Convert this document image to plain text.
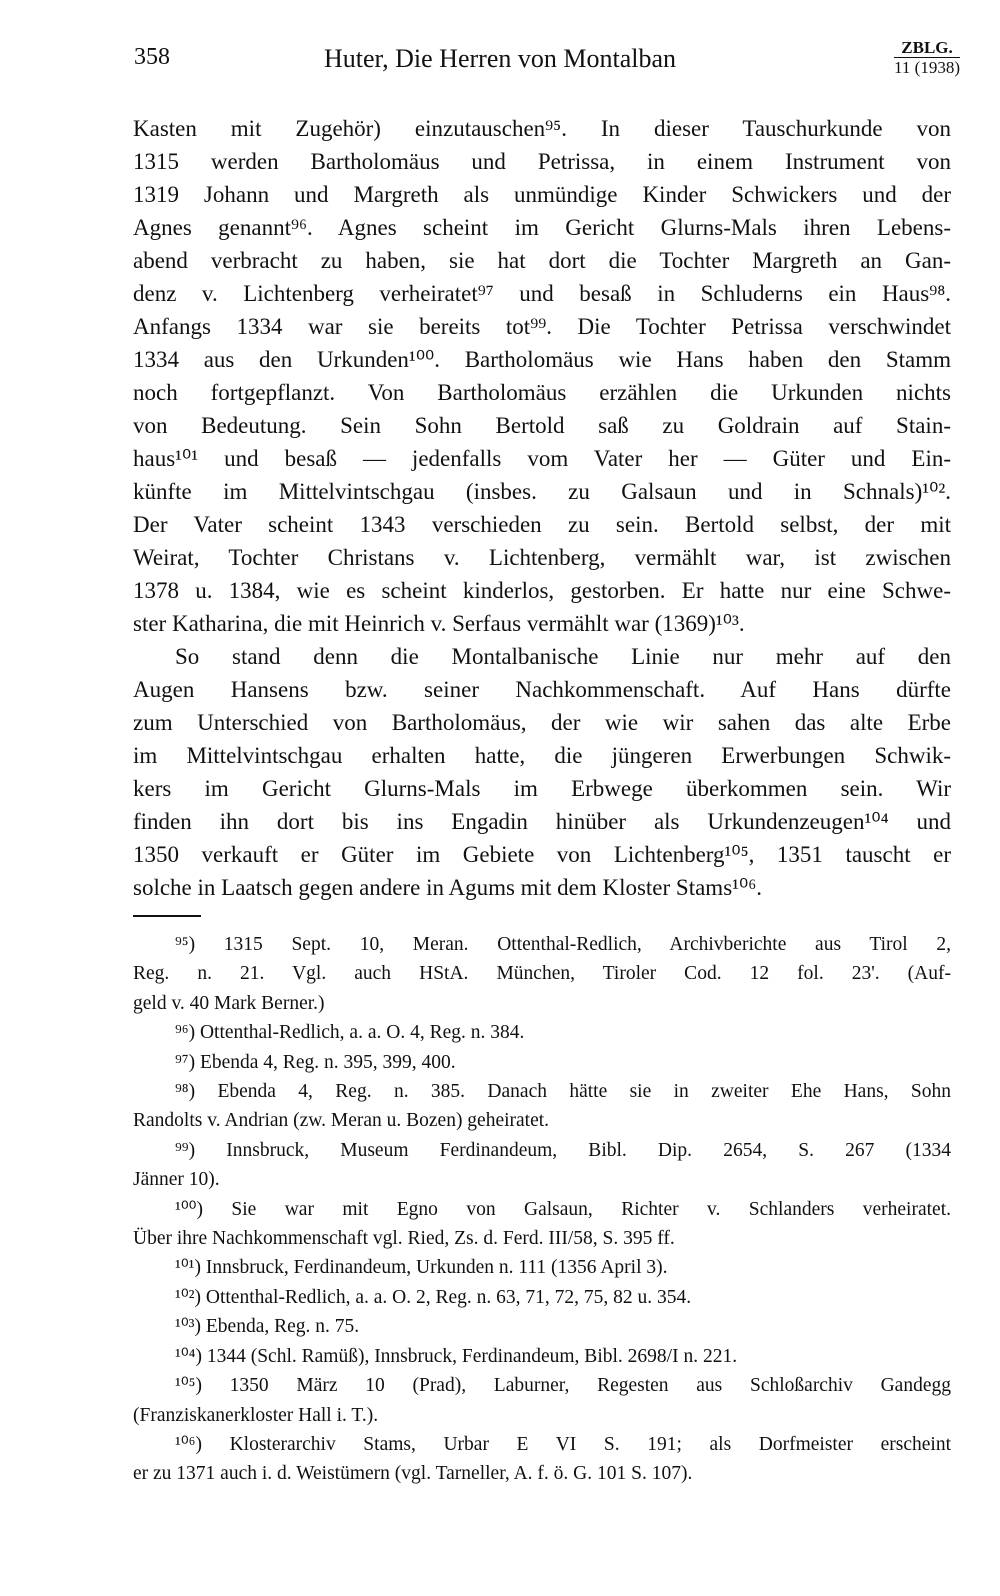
358	Huter, Die Herren von Montalban	ZBLG.
11 (1938)
Kasten mit Zugehör) einzutauschen⁹⁵. In dieser Tauschurkunde von
1315 werden Bartholomäus und Petrissa, in einem Instrument von
1319 Johann und Margreth als unmündige Kinder Schwickers und der
Agnes genannt⁹⁶. Agnes scheint im Gericht Glurns-Mals ihren Lebens-
abend verbracht zu haben, sie hat dort die Tochter Margreth an Gan-
denz v. Lichtenberg verheiratet⁹⁷ und besaß in Schluderns ein Haus⁹⁸.
Anfangs 1334 war sie bereits tot⁹⁹. Die Tochter Petrissa verschwindet
1334 aus den Urkunden¹⁰⁰. Bartholomäus wie Hans haben den Stamm
noch fortgepflanzt. Von Bartholomäus erzählen die Urkunden nichts
von Bedeutung. Sein Sohn Bertold saß zu Goldrain auf Stain-
haus¹⁰¹ und besaß — jedenfalls vom Vater her — Güter und Ein-
künfte im Mittelvintschgau (insbes. zu Galsaun und in Schnals)¹⁰².
Der Vater scheint 1343 verschieden zu sein. Bertold selbst, der mit
Weirat, Tochter Christans v. Lichtenberg, vermählt war, ist zwischen
1378 u. 1384, wie es scheint kinderlos, gestorben. Er hatte nur eine Schwe-
ster Katharina, die mit Heinrich v. Serfaus vermählt war (1369)¹⁰³.
So stand denn die Montalbanische Linie nur mehr auf den
Augen Hansens bzw. seiner Nachkommenschaft. Auf Hans dürfte
zum Unterschied von Bartholomäus, der wie wir sahen das alte Erbe
im Mittelvintschgau erhalten hatte, die jüngeren Erwerbungen Schwik-
kers im Gericht Glurns-Mals im Erbwege überkommen sein. Wir
finden ihn dort bis ins Engadin hinüber als Urkundenzeugen¹⁰⁴ und
1350 verkauft er Güter im Gebiete von Lichtenberg¹⁰⁵, 1351 tauscht er
solche in Laatsch gegen andere in Agums mit dem Kloster Stams¹⁰⁶.
⁹⁵) 1315 Sept. 10, Meran. Ottenthal-Redlich, Archivberichte aus Tirol 2,
Reg. n. 21. Vgl. auch HStA. München, Tiroler Cod. 12 fol. 23'. (Auf-
geld v. 40 Mark Berner.)
⁹⁶) Ottenthal-Redlich, a. a. O. 4, Reg. n. 384.
⁹⁷) Ebenda 4, Reg. n. 395, 399, 400.
⁹⁸) Ebenda 4, Reg. n. 385. Danach hätte sie in zweiter Ehe Hans, Sohn
Randolts v. Andrian (zw. Meran u. Bozen) geheiratet.
⁹⁹) Innsbruck, Museum Ferdinandeum, Bibl. Dip. 2654, S. 267 (1334
Jänner 10).
¹⁰⁰) Sie war mit Egno von Galsaun, Richter v. Schlanders verheiratet.
Über ihre Nachkommenschaft vgl. Ried, Zs. d. Ferd. III/58, S. 395 ff.
¹⁰¹) Innsbruck, Ferdinandeum, Urkunden n. 111 (1356 April 3).
¹⁰²) Ottenthal-Redlich, a. a. O. 2, Reg. n. 63, 71, 72, 75, 82 u. 354.
¹⁰³) Ebenda, Reg. n. 75.
¹⁰⁴) 1344 (Schl. Ramüß), Innsbruck, Ferdinandeum, Bibl. 2698/I n. 221.
¹⁰⁵) 1350 März 10 (Prad), Laburner, Regesten aus Schloßarchiv Gandegg
(Franziskanerkloster Hall i. T.).
¹⁰⁶) Klosterarchiv Stams, Urbar E VI S. 191; als Dorfmeister erscheint
er zu 1371 auch i. d. Weistümern (vgl. Tarneller, A. f. ö. G. 101 S. 107).
